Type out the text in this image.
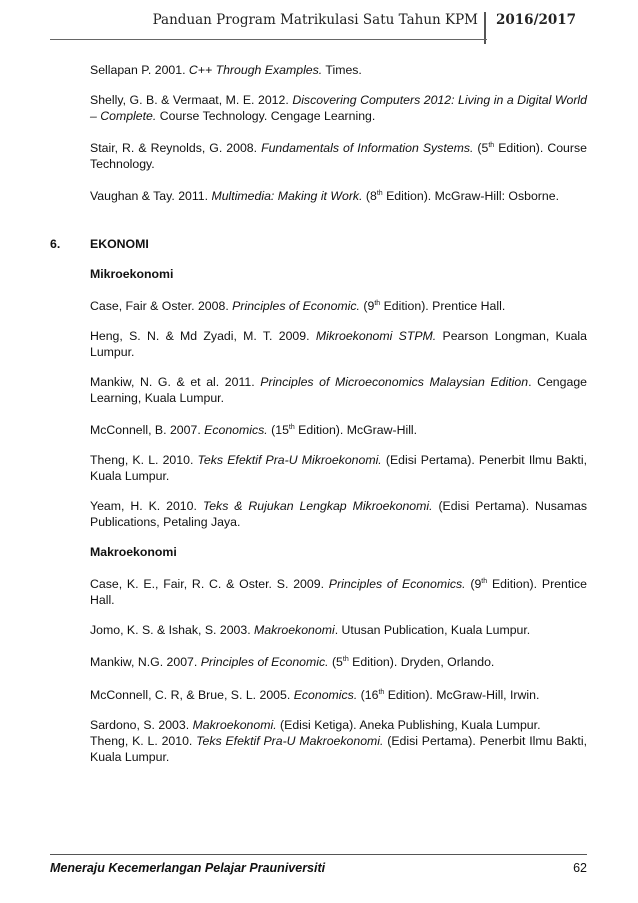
Panduan Program Matrikulasi Satu Tahun KPM 2016/2017
Sellapan P. 2001. C++ Through Examples. Times.
Shelly, G. B. & Vermaat, M. E. 2012. Discovering Computers 2012: Living in a Digital World – Complete. Course Technology. Cengage Learning.
Stair, R. & Reynolds, G. 2008. Fundamentals of Information Systems. (5th Edition). Course Technology.
Vaughan & Tay. 2011. Multimedia: Making it Work. (8th Edition). McGraw-Hill: Osborne.
6.	EKONOMI
Mikroekonomi
Case, Fair & Oster. 2008. Principles of Economic. (9th Edition). Prentice Hall.
Heng, S. N. & Md Zyadi, M. T. 2009. Mikroekonomi STPM. Pearson Longman, Kuala Lumpur.
Mankiw, N. G. & et al. 2011. Principles of Microeconomics Malaysian Edition. Cengage Learning, Kuala Lumpur.
McConnell, B. 2007. Economics. (15th Edition). McGraw-Hill.
Theng, K. L. 2010. Teks Efektif Pra-U Mikroekonomi. (Edisi Pertama). Penerbit Ilmu Bakti, Kuala Lumpur.
Yeam, H. K. 2010. Teks & Rujukan Lengkap Mikroekonomi. (Edisi Pertama). Nusamas Publications, Petaling Jaya.
Makroekonomi
Case, K. E., Fair, R. C. & Oster. S. 2009. Principles of Economics. (9th Edition). Prentice Hall.
Jomo, K. S. & Ishak, S. 2003. Makroekonomi. Utusan Publication, Kuala Lumpur.
Mankiw, N.G. 2007. Principles of Economic. (5th Edition). Dryden, Orlando.
McConnell, C. R, & Brue, S. L. 2005. Economics. (16th Edition). McGraw-Hill, Irwin.
Sardono, S. 2003. Makroekonomi. (Edisi Ketiga). Aneka Publishing, Kuala Lumpur.
Theng, K. L. 2010. Teks Efektif Pra-U Makroekonomi. (Edisi Pertama). Penerbit Ilmu Bakti, Kuala Lumpur.
Meneraju Kecemerlangan Pelajar Prauniversiti	62
